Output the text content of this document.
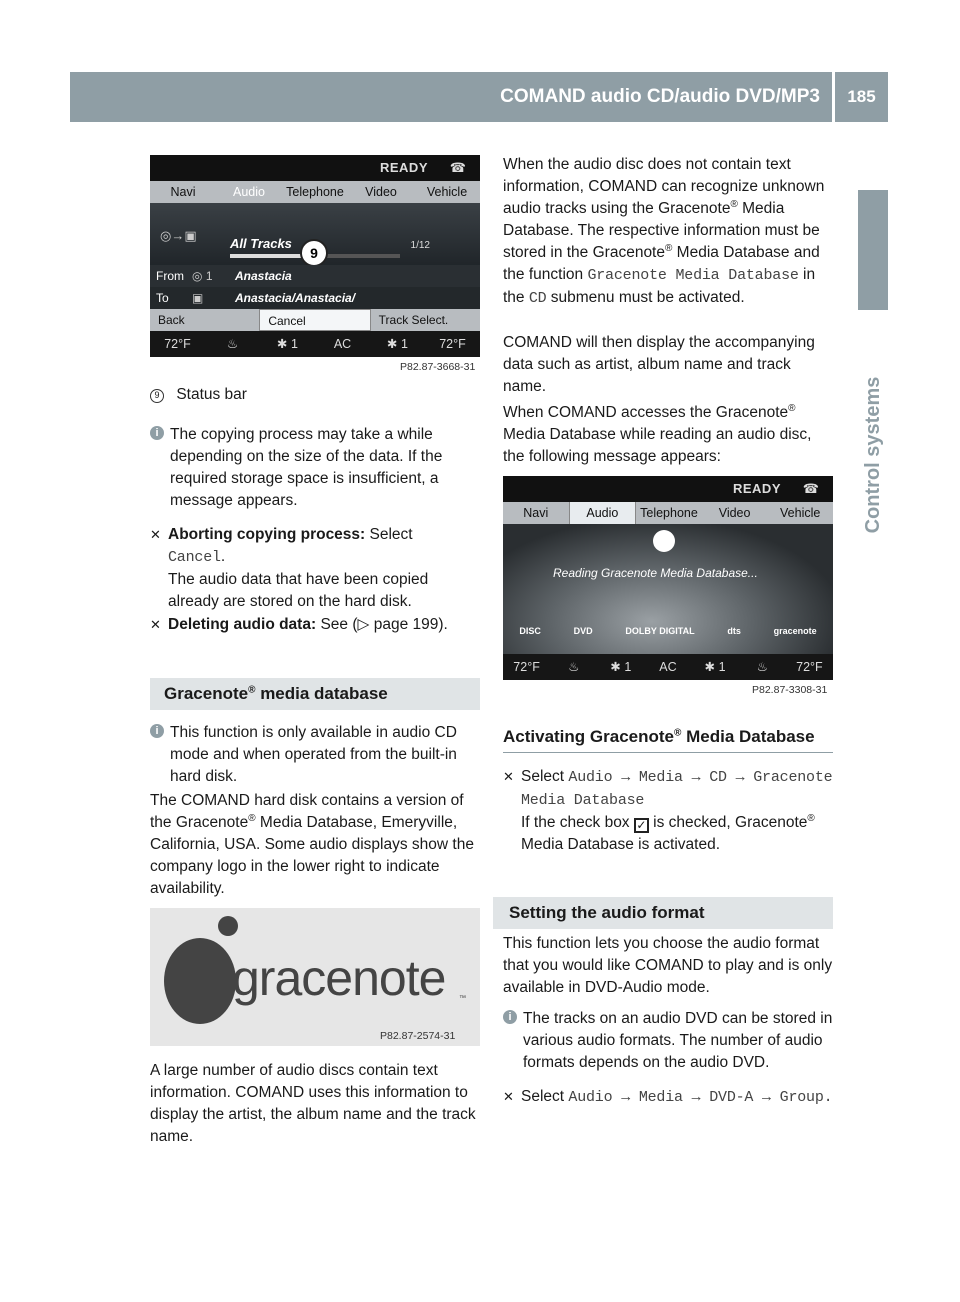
COMAND audio CD/audio DVD/MP3	185
Control systems
READY ☎
Navi	Audio	Telephone	Video	Vehicle
◎→▣
All Tracks	1/12
9
From ◎ 1 Anastacia
To ▣	Anastacia/Anastacia/
Back	Cancel	Track Select.
72°F	♨	✱ 1	AC	✱ 1	72°F
P82.87-3668-31
9 Status bar
i The copying process may take a while depending on the size of the data. If the required storage space is insufficient, a message appears.
✕ Aborting copying process: Select
Cancel.
The audio data that have been copied already are stored on the hard disk.
✕ Deleting audio data: See (▷ page 199).
Gracenote® media database
i This function is only available in audio CD mode and when operated from the built-in hard disk.
The COMAND hard disk contains a version of the Gracenote® Media Database, Emeryville, California, USA. Some audio displays show the company logo in the lower right to indicate availability.
gracenote ™
P82.87-2574-31
A large number of audio discs contain text information. COMAND uses this information to display the artist, the album name and the track name.
When the audio disc does not contain text information, COMAND can recognize unknown audio tracks using the Gracenote® Media Database. The respective information must be stored in the Gracenote® Media Database and the function Gracenote Media Database in the CD submenu must be activated.
COMAND will then display the accompanying data such as artist, album name and track name.
When COMAND accesses the Gracenote® Media Database while reading an audio disc, the following message appears:
READY ☎
Navi	Audio	Telephone	Video	Vehicle
Reading Gracenote Media Database...
DISC	DVD	DOLBY DIGITAL	dts	gracenote
72°F	♨	✱ 1	AC	✱ 1	♨	72°F
P82.87-3308-31
Activating Gracenote® Media Database
✕ Select Audio → Media → CD → Gracenote Media Database
If the check box ✓ is checked, Gracenote® Media Database is activated.
Setting the audio format
This function lets you choose the audio format that you would like COMAND to play and is only available in DVD-Audio mode.
i The tracks on an audio DVD can be stored in various audio formats. The number of audio formats depends on the audio DVD.
✕ Select Audio → Media → DVD-A → Group.
